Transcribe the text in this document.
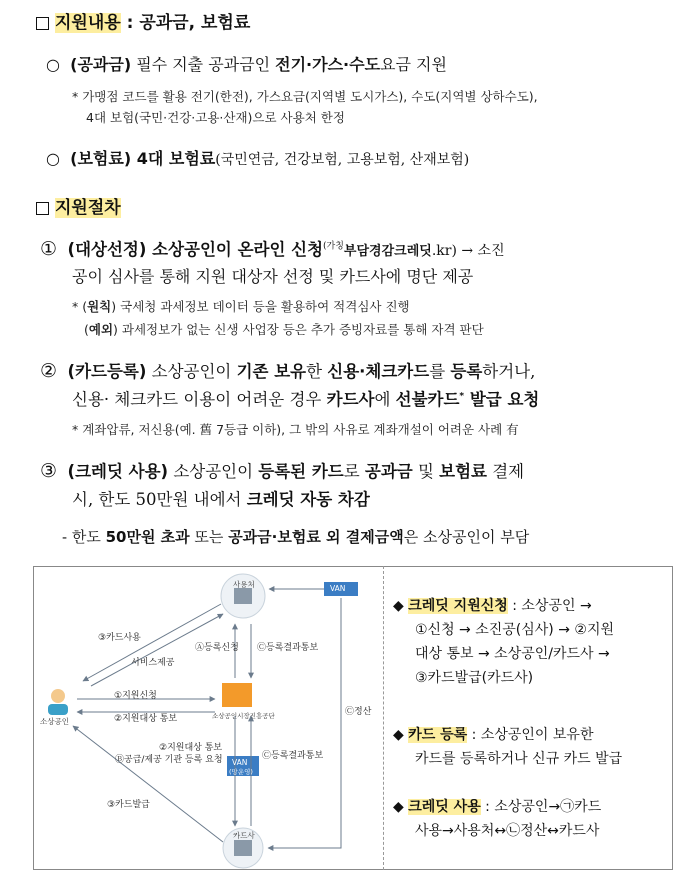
지원내용 : 공과금, 보험료
○ (공과금) 필수 지출 공과금인 전기·가스·수도요금 지원
* 가맹점 코드를 활용 전기(한전), 가스요금(지역별 도시가스), 수도(지역별 상하수도),
4대 보험(국민·건강·고용·산재)으로 사용처 한정
○ (보험료) 4대 보험료(국민연금, 건강보험, 고용보험, 산재보험)
지원절차
① (대상선정) 소상공인이 온라인 신청$^{(가칭}$부담경감크레딧.kr) → 소진
공이 심사를 통해 지원 대상자 선정 및 카드사에 명단 제공
* (원칙) 국세청 과세정보 데이터 등을 활용하여 적격심사 진행
(예외) 과세정보가 없는 신생 사업장 등은 추가 증빙자료를 통해 자격 판단
② (카드등록) 소상공인이 기존 보유한 신용·체크카드를 등록하거나,
신용· 체크카드 이용이 어려운 경우 카드사에 선불카드* 발급 요청
* 계좌압류, 저신용(예. 舊 7등급 이하), 그 밖의 사유로 계좌개설이 어려운 사례 有
③ (크레딧 사용) 소상공인이 등록된 카드로 공과금 및 보험료 결제
시, 한도 50만원 내에서 크레딧 자동 차감
- 한도 50만원 초과 또는 공과금·보험료 외 결제금액은 소상공인이 부담
사용처	VAN
③카드사용
서비스제공
Ⓐ등록신청 Ⓒ등록결과통보
①지원신청
②지원대상 통보
소상공인
소상공인시장진흥공단
②지원대상 통보
Ⓑ공급/제공 기관 등록 요청	Ⓒ등록결과통보
VAN
(망운영)
Ⓒ정산
③카드발급
카드사
◆ 크레딧 지원신청 : 소상공인 →
①신청 → 소진공(심사) → ②지원
대상 통보 → 소상공인/카드사 →
③카드발급(카드사)
◆ 카드 등록 : 소상공인이 보유한
카드를 등록하거나 신규 카드 발급
◆ 크레딧 사용 : 소상공인→㉠카드
사용→사용처↔㉡정산↔카드사
